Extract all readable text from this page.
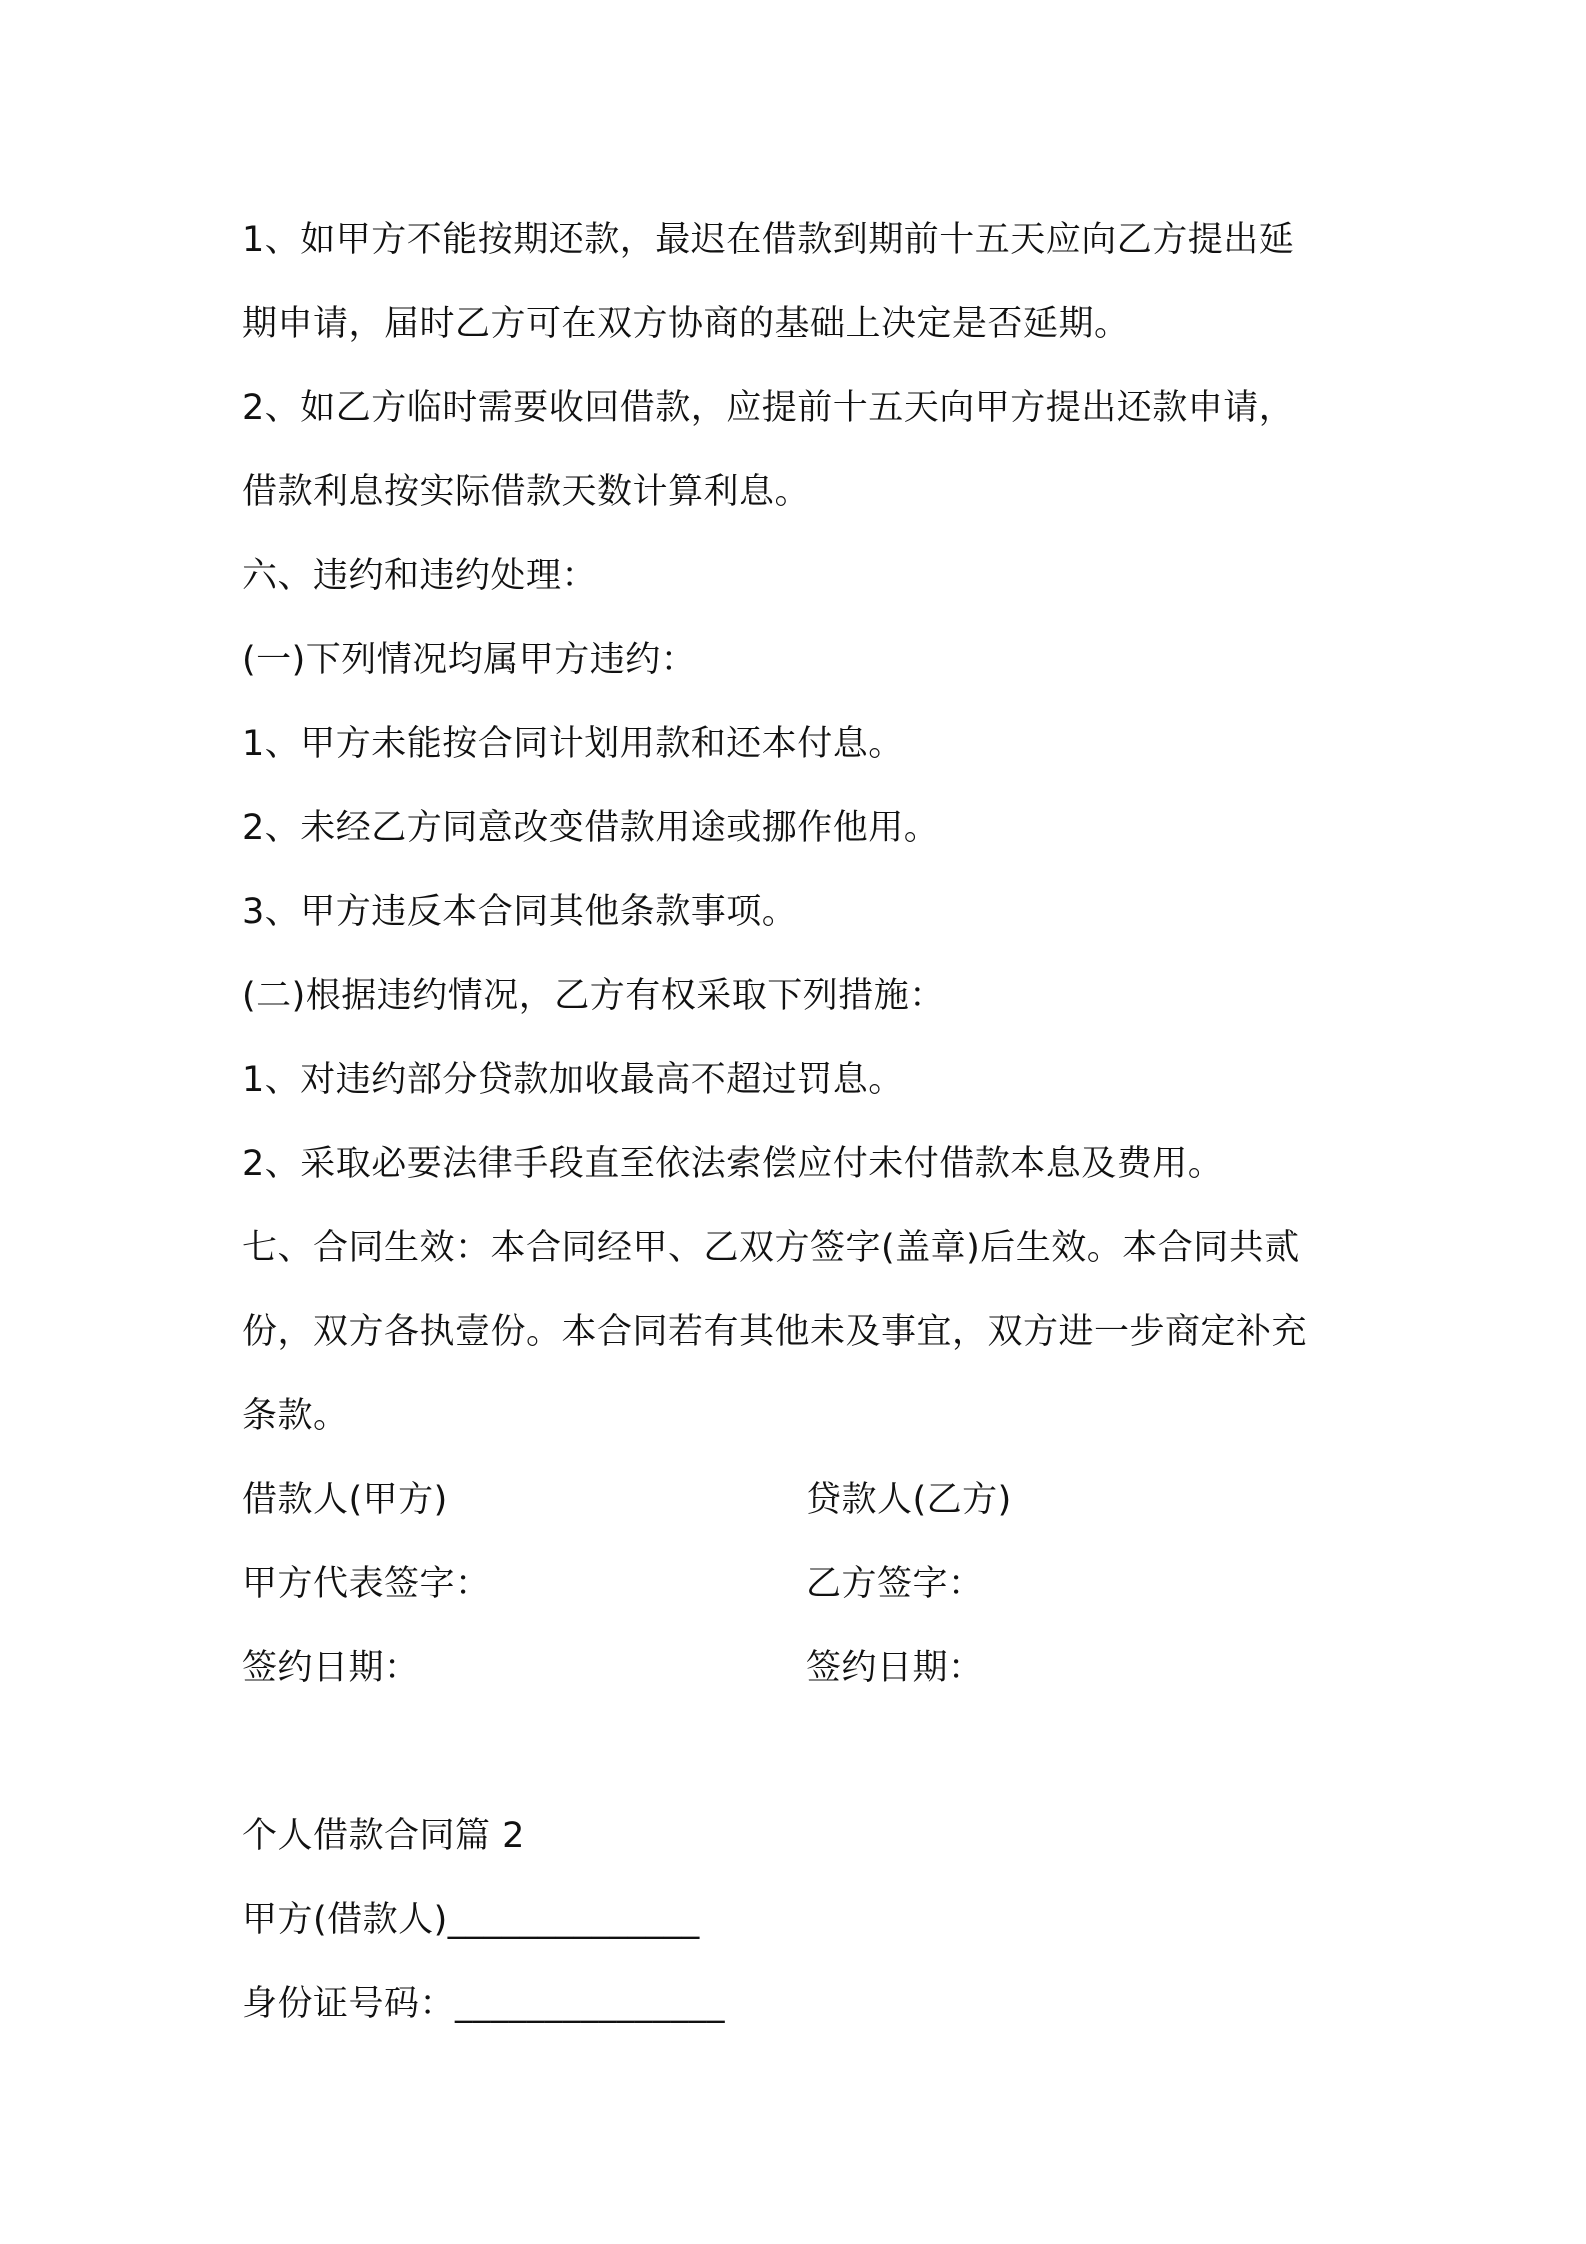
1、如甲方不能按期还款，最迟在借款到期前十五天应向乙方提出延

期申请，届时乙方可在双方协商的基础上决定是否延期。

2、如乙方临时需要收回借款，应提前十五天向甲方提出还款申请，

借款利息按实际借款天数计算利息。

六、违约和违约处理：

(一)下列情况均属甲方违约：

1、甲方未能按合同计划用款和还本付息。

2、未经乙方同意改变借款用途或挪作他用。

3、甲方违反本合同其他条款事项。

(二)根据违约情况，乙方有权采取下列措施：

1、对违约部分贷款加收最高不超过罚息。

2、采取必要法律手段直至依法索偿应付未付借款本息及费用。

七、合同生效：本合同经甲、乙双方签字(盖章)后生效。本合同共贰

份，双方各执壹份。本合同若有其他未及事宜，双方进一步商定补充

条款。

借款人(甲方)	贷款人(乙方)
甲方代表签字：	乙方签字：
签约日期：	签约日期：

个人借款合同篇 2

甲方(借款人)______________

身份证号码：_______________
